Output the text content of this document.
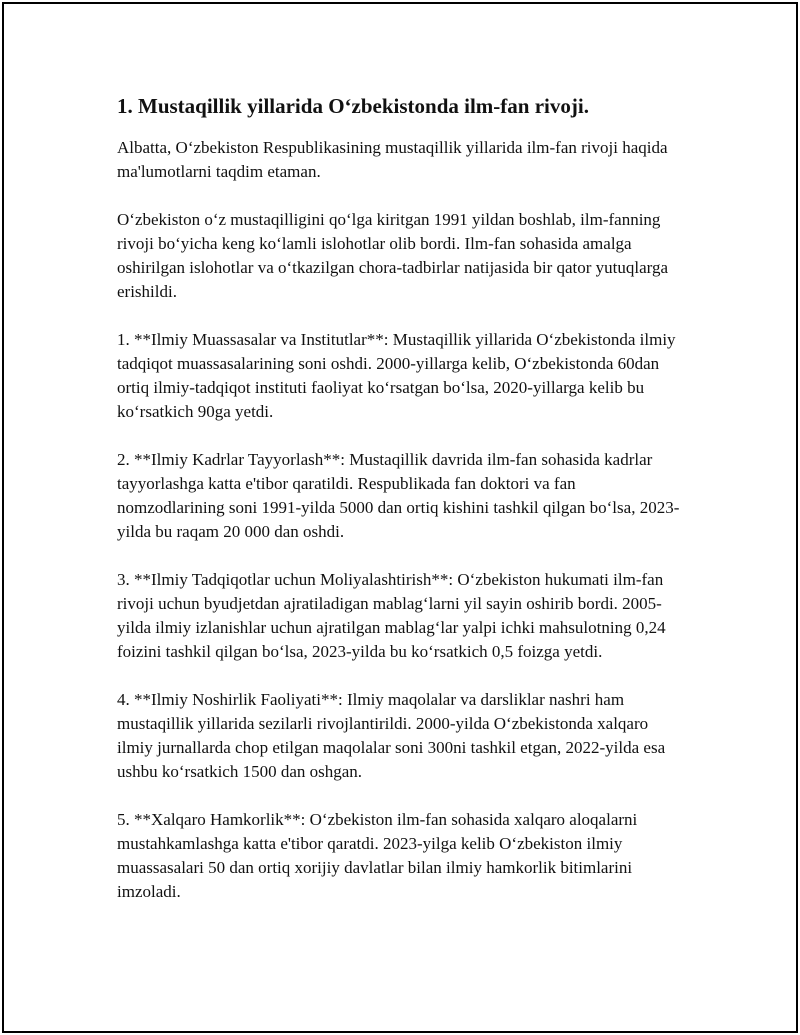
1. Mustaqillik yillarida O‘zbekistonda ilm-fan rivoji.

Albatta, O‘zbekiston Respublikasining mustaqillik yillarida ilm-fan rivoji haqida ma'lumotlarni taqdim etaman.

O‘zbekiston o‘z mustaqilligini qo‘lga kiritgan 1991 yildan boshlab, ilm-fanning rivoji bo‘yicha keng ko‘lamli islohotlar olib bordi. Ilm-fan sohasida amalga oshirilgan islohotlar va o‘tkazilgan chora-tadbirlar natijasida bir qator yutuqlarga erishildi.

1. **Ilmiy Muassasalar va Institutlar**: Mustaqillik yillarida O‘zbekistonda ilmiy tadqiqot muassasalarining soni oshdi. 2000-yillarga kelib, O‘zbekistonda 60dan ortiq ilmiy-tadqiqot instituti faoliyat ko‘rsatgan bo‘lsa, 2020-yillarga kelib bu ko‘rsatkich 90ga yetdi.

2. **Ilmiy Kadrlar Tayyorlash**: Mustaqillik davrida ilm-fan sohasida kadrlar tayyorlashga katta e'tibor qaratildi. Respublikada fan doktori va fan nomzodlarining soni 1991-yilda 5000 dan ortiq kishini tashkil qilgan bo‘lsa, 2023-yilda bu raqam 20 000 dan oshdi.

3. **Ilmiy Tadqiqotlar uchun Moliyalashtirish**: O‘zbekiston hukumati ilm-fan rivoji uchun byudjetdan ajratiladigan mablag‘larni yil sayin oshirib bordi. 2005-yilda ilmiy izlanishlar uchun ajratilgan mablag‘lar yalpi ichki mahsulotning 0,24 foizini tashkil qilgan bo‘lsa, 2023-yilda bu ko‘rsatkich 0,5 foizga yetdi.

4. **Ilmiy Noshirlik Faoliyati**: Ilmiy maqolalar va darsliklar nashri ham mustaqillik yillarida sezilarli rivojlantirildi. 2000-yilda O‘zbekistonda xalqaro ilmiy jurnallarda chop etilgan maqolalar soni 300ni tashkil etgan, 2022-yilda esa ushbu ko‘rsatkich 1500 dan oshgan.

5. **Xalqaro Hamkorlik**: O‘zbekiston ilm-fan sohasida xalqaro aloqalarni mustahkamlashga katta e'tibor qaratdi. 2023-yilga kelib O‘zbekiston ilmiy muassasalari 50 dan ortiq xorijiy davlatlar bilan ilmiy hamkorlik bitimlarini imzoladi.
